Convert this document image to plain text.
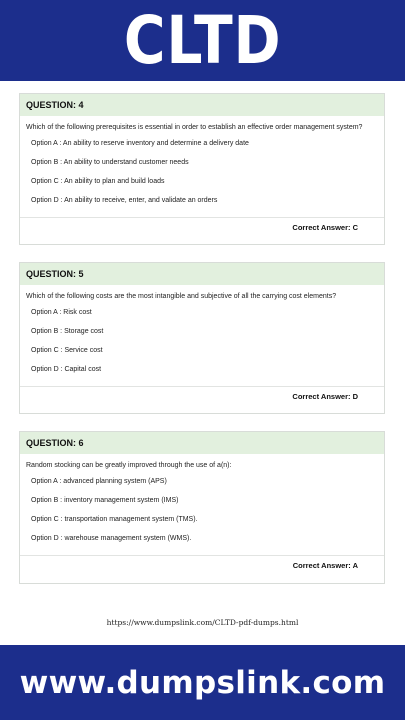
CLTD
QUESTION: 4
Which of the following prerequisites is essential in order to establish an effective order management system?
Option A : An ability to reserve inventory and determine a delivery date
Option B : An ability to understand customer needs
Option C : An ability to plan and build loads
Option D : An ability to receive, enter, and validate an orders
Correct Answer: C
QUESTION: 5
Which of the following costs are the most intangible and subjective of all the carrying cost elements?
Option A : Risk cost
Option B : Storage cost
Option C : Service cost
Option D : Capital cost
Correct Answer: D
QUESTION: 6
Random stocking can be greatly improved through the use of a(n):
Option A : advanced planning system (APS)
Option B : inventory management system (IMS)
Option C : transportation management system (TMS).
Option D : warehouse management system (WMS).
Correct Answer: A
https://www.dumpslink.com/CLTD-pdf-dumps.html
www.dumpslink.com
